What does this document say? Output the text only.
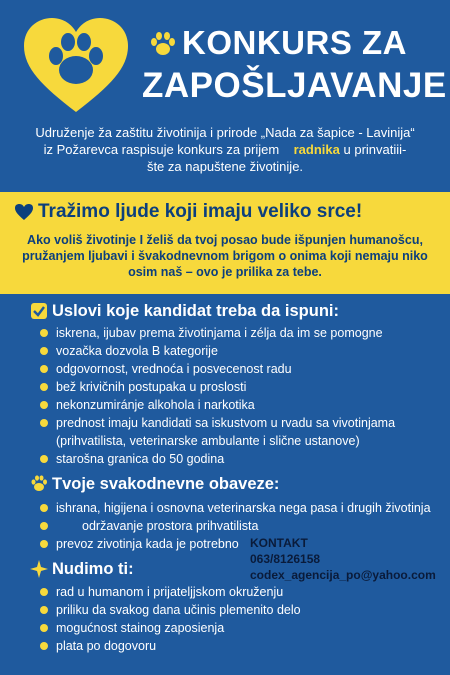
KONKURS ZA
ZAPOŠLJAVANJE
Udruženje ža zaštitu životinija i prirode „Nada za šapice - Lavinija“
iz Požarevca raspisuje konkurs za prijem radnika u prinvatiii-
šte za napuštene životinije.
Tražimo ljude koji imaju veliko srce!
Ako voliš životinje I želiš da tvoj posao bude išpunjen humanošcu,
pružanjem ljubavi i švakodnevnom brigom o onima koji nemaju niko
osim naš – ovo je prilika za tebe.
Uslovi koje kandidat treba da ispuni:
iskrena, ijubav prema životinjama i zélja da im se pomogne
vozačka dozvola B kategorije
odgovornost, vrednoća i posvecenost radu
bež krivičnih postupaka u proslosti
nekonzumiránje alkohola i narkotika
prednost imaju kandidati sa iskustvom u rvadu sa vivotinjama
(prihvatilista, veterinarske ambulante i slične ustanove)
starošna granica do 50 godina
Tvoje svakodnevne obaveze:
ishrana, higijena i osnovna veterinarska nega pasa i drugih životinja
održavanje prostora prihvatilista
prevoz zivotinja kada je potrebno
Nudimo ti:
rad u humanom i prijateljjskom okruženju
priliku da svakog dana učinis plemenito delo
mogućnost stainog zaposienja
plata po dogovoru
KONTAKT
063/8126158
codex_agencija_po@yahoo.com
